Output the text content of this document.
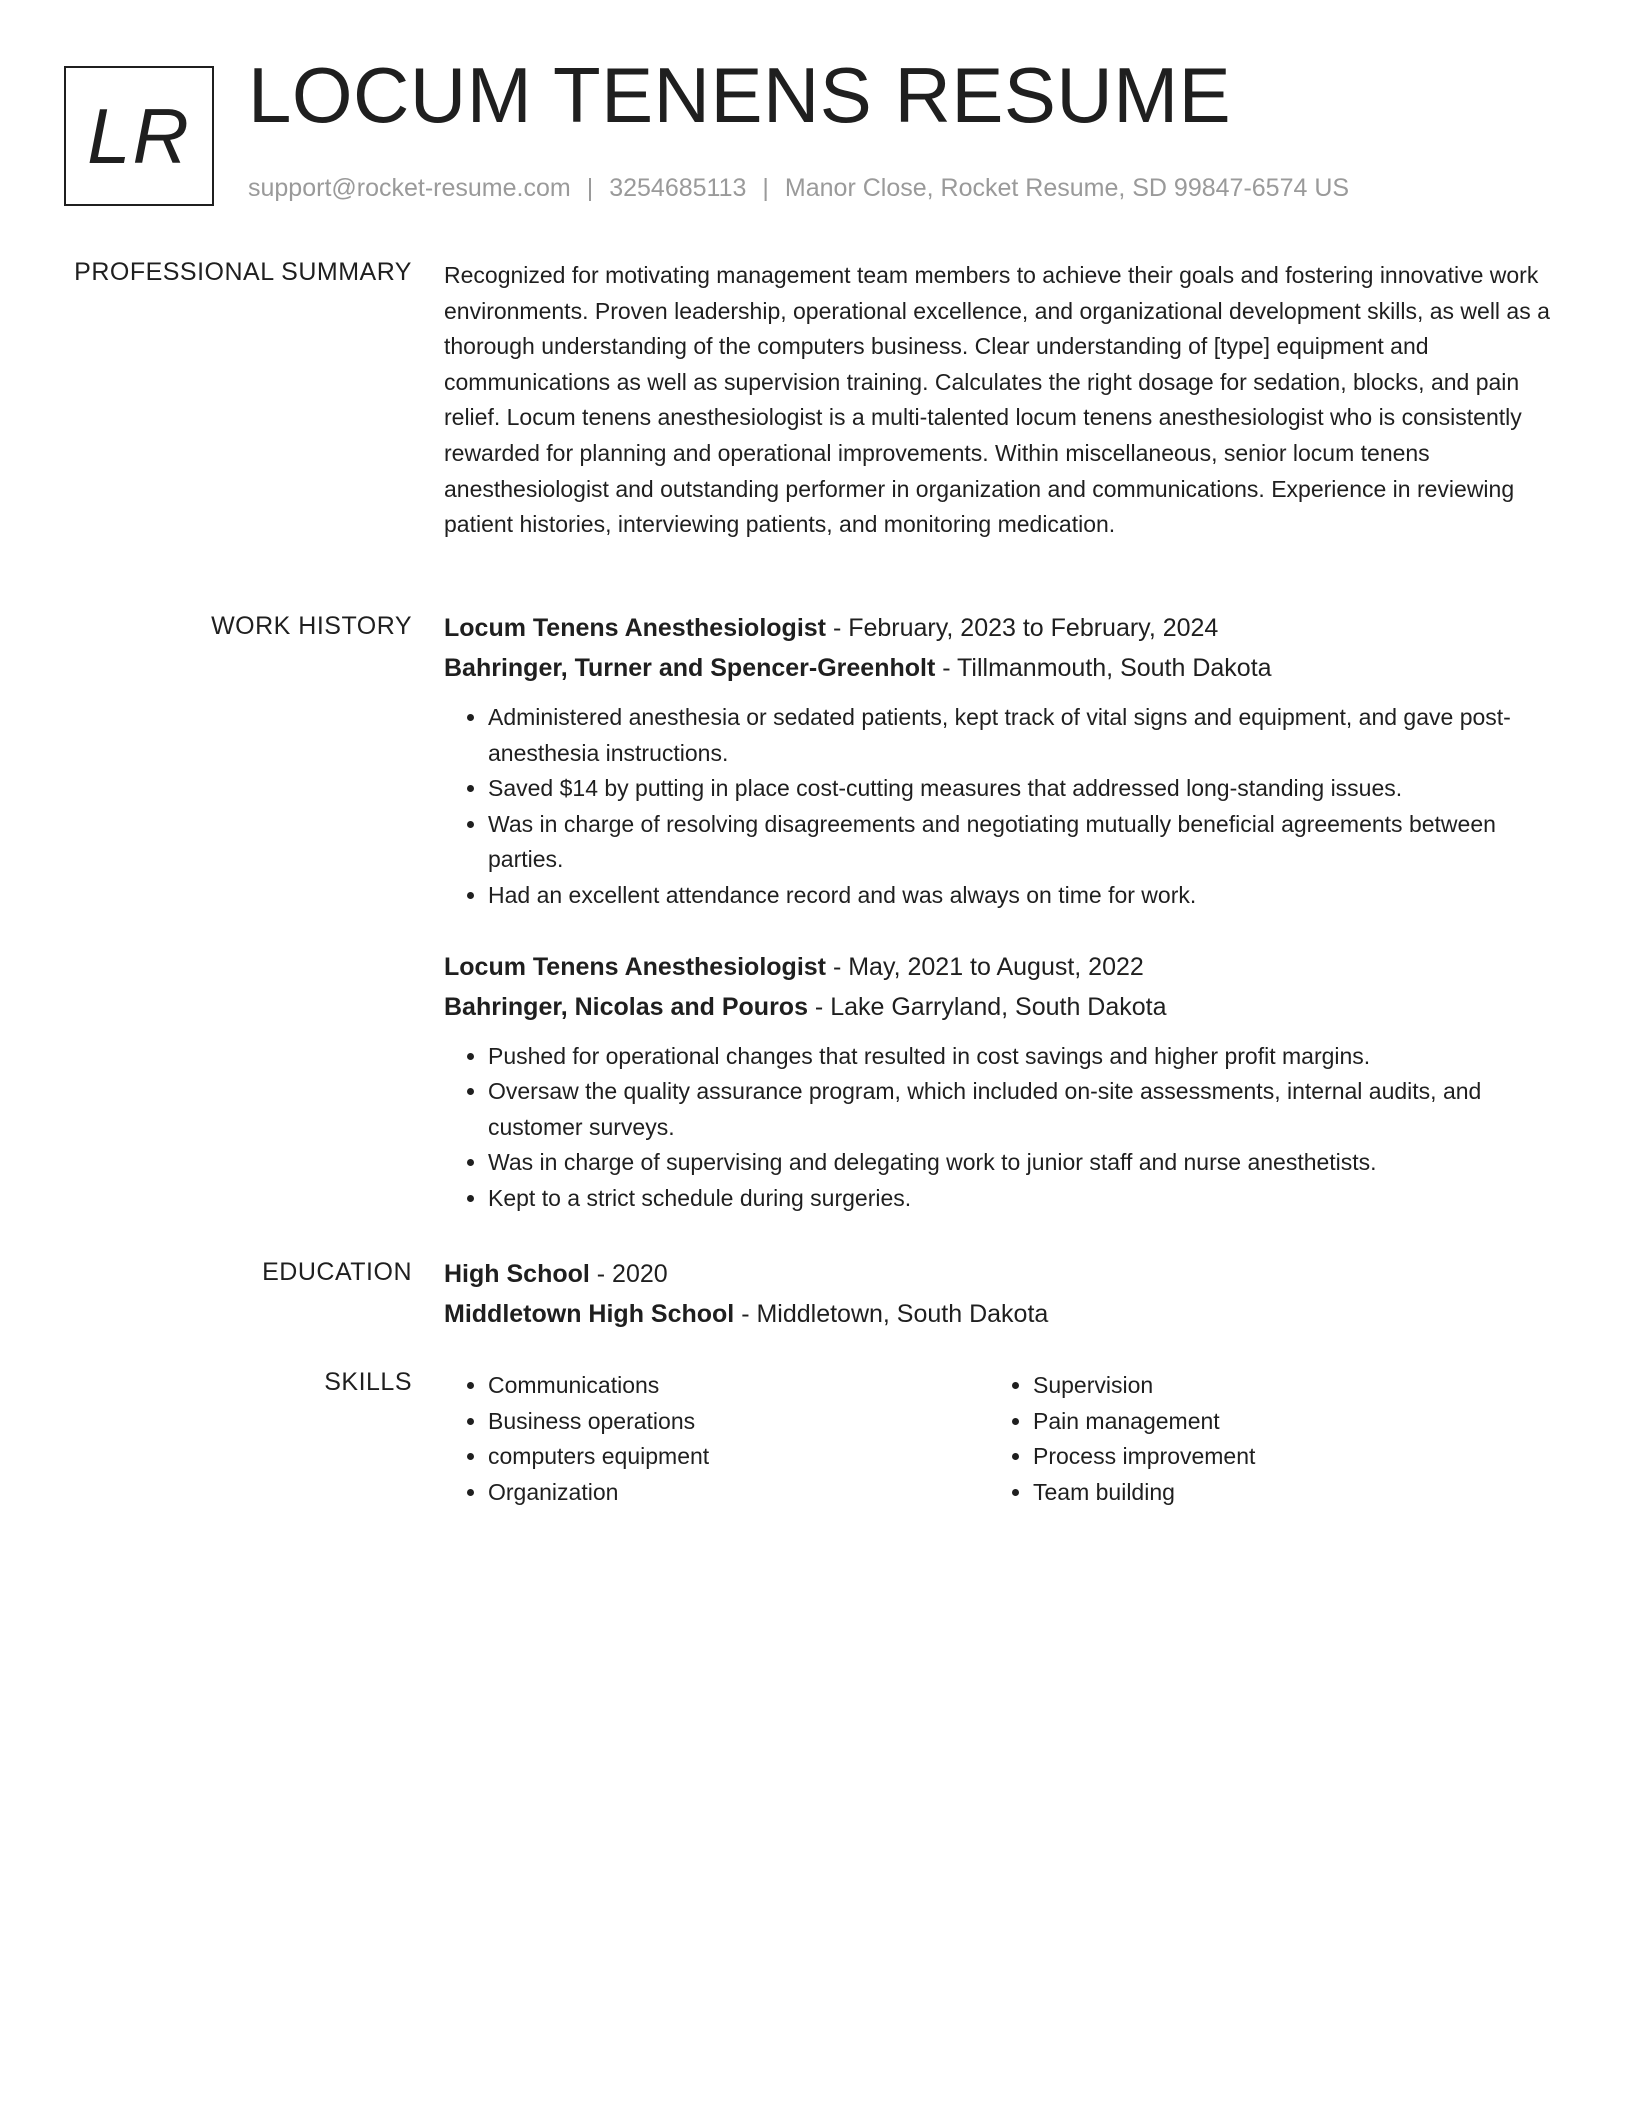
LR LOCUM TENENS RESUME
support@rocket-resume.com | 3254685113 | Manor Close, Rocket Resume, SD 99847-6574 US
PROFESSIONAL SUMMARY Recognized for motivating management team members to achieve their goals and fostering innovative work environments. Proven leadership, operational excellence, and organizational development skills, as well as a thorough understanding of the computers business. Clear understanding of [type] equipment and communications as well as supervision training. Calculates the right dosage for sedation, blocks, and pain relief. Locum tenens anesthesiologist is a multi-talented locum tenens anesthesiologist who is consistently rewarded for planning and operational improvements. Within miscellaneous, senior locum tenens anesthesiologist and outstanding performer in organization and communications. Experience in reviewing patient histories, interviewing patients, and monitoring medication.

WORK HISTORY Locum Tenens Anesthesiologist - February, 2023 to February, 2024
Bahringer, Turner and Spencer-Greenholt - Tillmanmouth, South Dakota
• Administered anesthesia or sedated patients, kept track of vital signs and equipment, and gave post-anesthesia instructions.
• Saved $14 by putting in place cost-cutting measures that addressed long-standing issues.
• Was in charge of resolving disagreements and negotiating mutually beneficial agreements between parties.
• Had an excellent attendance record and was always on time for work.
Locum Tenens Anesthesiologist - May, 2021 to August, 2022
Bahringer, Nicolas and Pouros - Lake Garryland, South Dakota
• Pushed for operational changes that resulted in cost savings and higher profit margins.
• Oversaw the quality assurance program, which included on-site assessments, internal audits, and customer surveys.
• Was in charge of supervising and delegating work to junior staff and nurse anesthetists.
• Kept to a strict schedule during surgeries.
EDUCATION High School - 2020
Middletown High School - Middletown, South Dakota
SKILLS
•	Communications
• Business operations
• computers equipment
• Organization
• Supervision
• Pain management
• Process improvement
• Team building
